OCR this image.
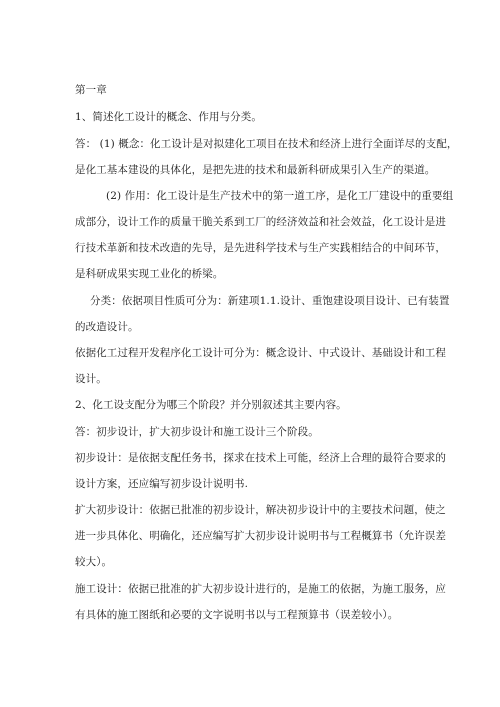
第一章
1、简述化工设计的概念、作用与分类。
答： (1) 概念：化工设计是对拟建化工项目在技术和经济上进行全面详尽的支配，
是化工基本建设的具体化，是把先进的技术和最新科研成果引入生产的渠道。
(2) 作用：化工设计是生产技术中的第一道工序，是化工厂建设中的重要组
成部分，设计工作的质量干脆关系到工厂的经济效益和社会效益，化工设计是进
行技术革新和技术改造的先导，是先进科学技术与生产实践相结合的中间环节，
是科研成果实现工业化的桥梁。
分类：依据项目性质可分为：新建项1.1.设计、重饱建设项目设计、已有装置
的改造设计。
依据化工过程开发程序化工设计可分为：概念设计、中式设计、基础设计和工程
设计。
2、化工设支配分为哪三个阶段？并分别叙述其主要内容。
答：初步设计，扩大初步设计和施工设计三个阶段。
初步设计：是依据支配任务书，探求在技术上可能，经济上合理的最符合要求的
设计方案，还应编写初步设计说明书.
扩大初步设计：依据已批准的初步设计，解决初步设计中的主要技术问题，使之
进一步具体化、明确化，还应编写扩大初步设计说明书与工程概算书（允许误差
较大）。
施工设计：依据已批准的扩大初步设计进行的，是施工的依据，为施工服务，应
有具体的施工图纸和必要的文字说明书以与工程预算书（误差较小）。
